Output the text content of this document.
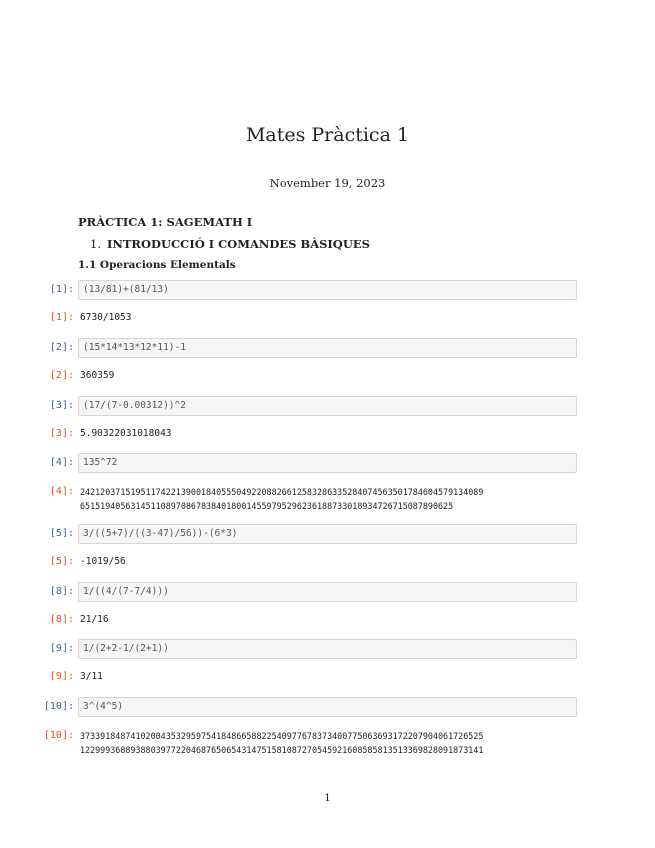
Mates Pràctica 1
November 19, 2023
PRÀCTICA 1: SAGEMATH I
1. INTRODUCCIÓ I COMANDES BÀSIQUES
1.1 Operacions Elementals
[1]: (13/81)+(81/13)
[1]: 6730/1053
[2]: (15*14*13*12*11)-1
[2]: 360359
[3]: (17/(7-0.00312))^2
[3]: 5.90322031018043
[4]: 135^72
[4]: 24212037151951174221390018405550492208826612583286335284074563501784604579134089
6515194056314511089708678384018001455979529623618873301893472671508789062​5
[5]: 3/((5+7)/((3-47)/56))-(6*3)
[5]: -1019/56
[8]: 1/((4/(7-7/4)))
[8]: 21/16
[9]: 1/(2+2-1/(2+1))
[9]: 3/11
[10]: 3^(4^5)
[10]: 37339184874102004353295975418486658822540977678373400775063693172207904061726525
122999368893880397722046876506543147515810872705459216085858135133698280918731​41
1
